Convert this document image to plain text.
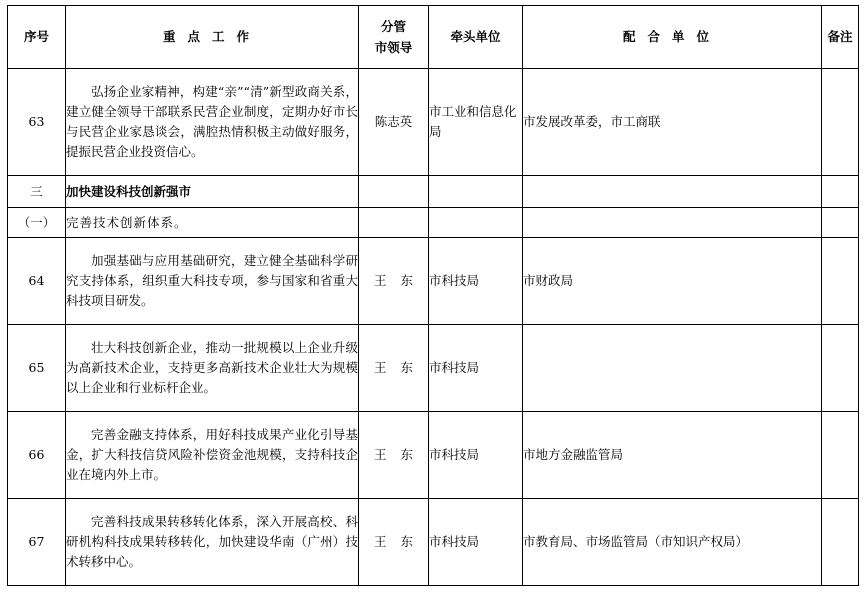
序号	重点工作	分管
市领导	牵头单位	配合单位	备注
63	弘扬企业家精神，构建“亲”“清”新型政商关系，建立健全领导干部联系民营企业制度，定期办好市长与民营企业家恳谈会，满腔热情积极主动做好服务，提振民营企业投资信心。	陈志英	市工业和信息化局	市发展改革委，市工商联	
三	加快建设科技创新强市				
（一）	完善技术创新体系。				
64	加强基础与应用基础研究，建立健全基础科学研究支持体系，组织重大科技专项，参与国家和省重大科技项目研发。	王东	市科技局	市财政局	
65	壮大科技创新企业，推动一批规模以上企业升级为高新技术企业，支持更多高新技术企业壮大为规模以上企业和行业标杆企业。	王东	市科技局		
66	完善金融支持体系，用好科技成果产业化引导基金，扩大科技信贷风险补偿资金池规模，支持科技企业在境内外上市。	王东	市科技局	市地方金融监管局	
67	完善科技成果转移转化体系，深入开展高校、科研机构科技成果转移转化，加快建设华南（广州）技术转移中心。	王东	市科技局	市教育局、市场监管局（市知识产权局）	
